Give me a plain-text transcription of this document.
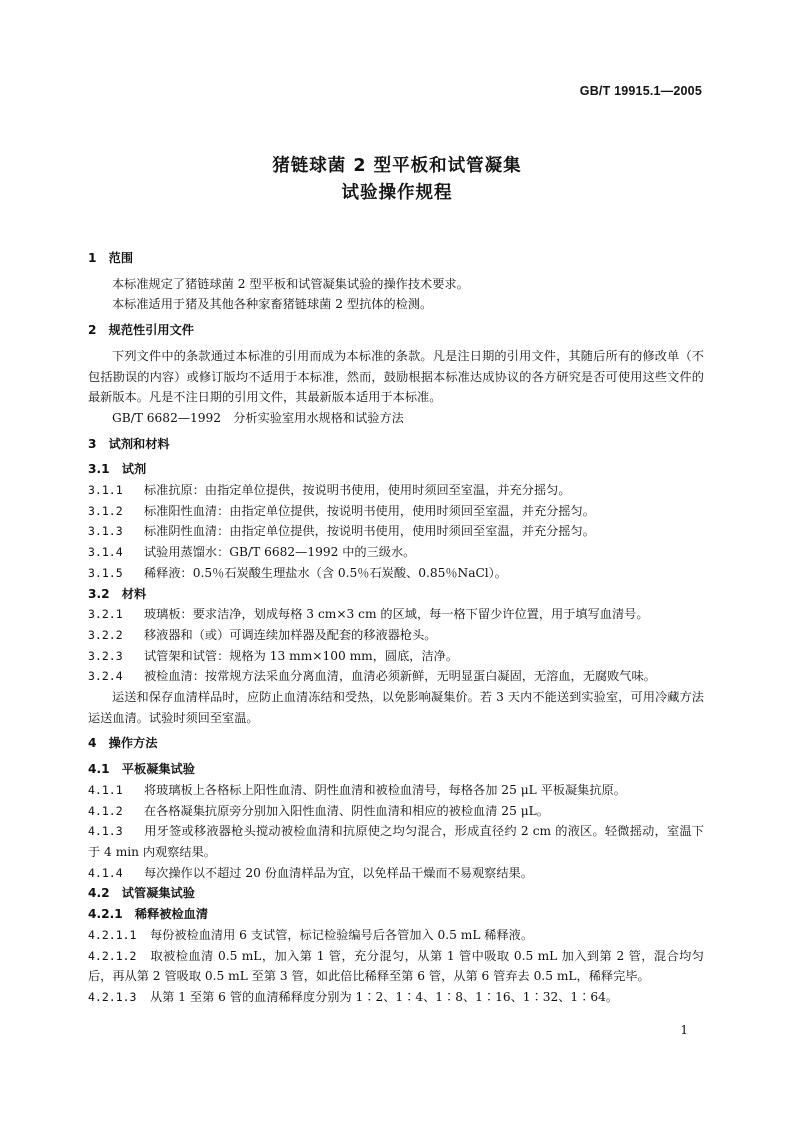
GB/T 19915.1—2005
猪链球菌 2 型平板和试管凝集
试验操作规程
1　范围
本标准规定了猪链球菌 2 型平板和试管凝集试验的操作技术要求。
本标准适用于猪及其他各种家畜猪链球菌 2 型抗体的检测。
2　规范性引用文件
下列文件中的条款通过本标准的引用而成为本标准的条款。凡是注日期的引用文件，其随后所有的修改单（不包括勘误的内容）或修订版均不适用于本标准，然而，鼓励根据本标准达成协议的各方研究是否可使用这些文件的最新版本。凡是不注日期的引用文件，其最新版本适用于本标准。
GB/T 6682—1992　分析实验室用水规格和试验方法
3　试剂和材料
3.1　试剂
3.1.1 标准抗原：由指定单位提供，按说明书使用，使用时须回至室温，并充分摇匀。
3.1.2 标准阳性血清：由指定单位提供，按说明书使用，使用时须回至室温，并充分摇匀。
3.1.3 标准阴性血清：由指定单位提供，按说明书使用，使用时须回至室温，并充分摇匀。
3.1.4 试验用蒸馏水：GB/T 6682—1992 中的三级水。
3.1.5 稀释液：0.5％石炭酸生理盐水（含 0.5％石炭酸、0.85％NaCl）。
3.2　材料
3.2.1 玻璃板：要求洁净，划成每格 3 cm×3 cm 的区域，每一格下留少许位置，用于填写血清号。
3.2.2 移液器和（或）可调连续加样器及配套的移液器枪头。
3.2.3 试管架和试管：规格为 13 mm×100 mm，圆底，洁净。
3.2.4 被检血清：按常规方法采血分离血清，血清必须新鲜，无明显蛋白凝固，无溶血，无腐败气味。
运送和保存血清样品时，应防止血清冻结和受热，以免影响凝集价。若 3 天内不能送到实验室，可用冷藏方法运送血清。试验时须回至室温。
4　操作方法
4.1　平板凝集试验
4.1.1 将玻璃板上各格标上阳性血清、阴性血清和被检血清号，每格各加 25 μL 平板凝集抗原。
4.1.2 在各格凝集抗原旁分别加入阳性血清、阴性血清和相应的被检血清 25 μL。
4.1.3 用牙签或移液器枪头搅动被检血清和抗原使之均匀混合，形成直径约 2 cm 的液区。轻微摇动，室温下于 4 min 内观察结果。
4.1.4 每次操作以不超过 20 份血清样品为宜，以免样品干燥而不易观察结果。
4.2　试管凝集试验
4.2.1　稀释被检血清
4.2.1.1 每份被检血清用 6 支试管，标记检验编号后各管加入 0.5 mL 稀释液。
4.2.1.2 取被检血清 0.5 mL，加入第 1 管，充分混匀，从第 1 管中吸取 0.5 mL 加入到第 2 管，混合均匀后，再从第 2 管吸取 0.5 mL 至第 3 管，如此倍比稀释至第 6 管，从第 6 管弃去 0.5 mL，稀释完毕。
4.2.1.3 从第 1 至第 6 管的血清稀释度分别为 1∶2、1∶4、1∶8、1∶16、1∶32、1∶64。
1
